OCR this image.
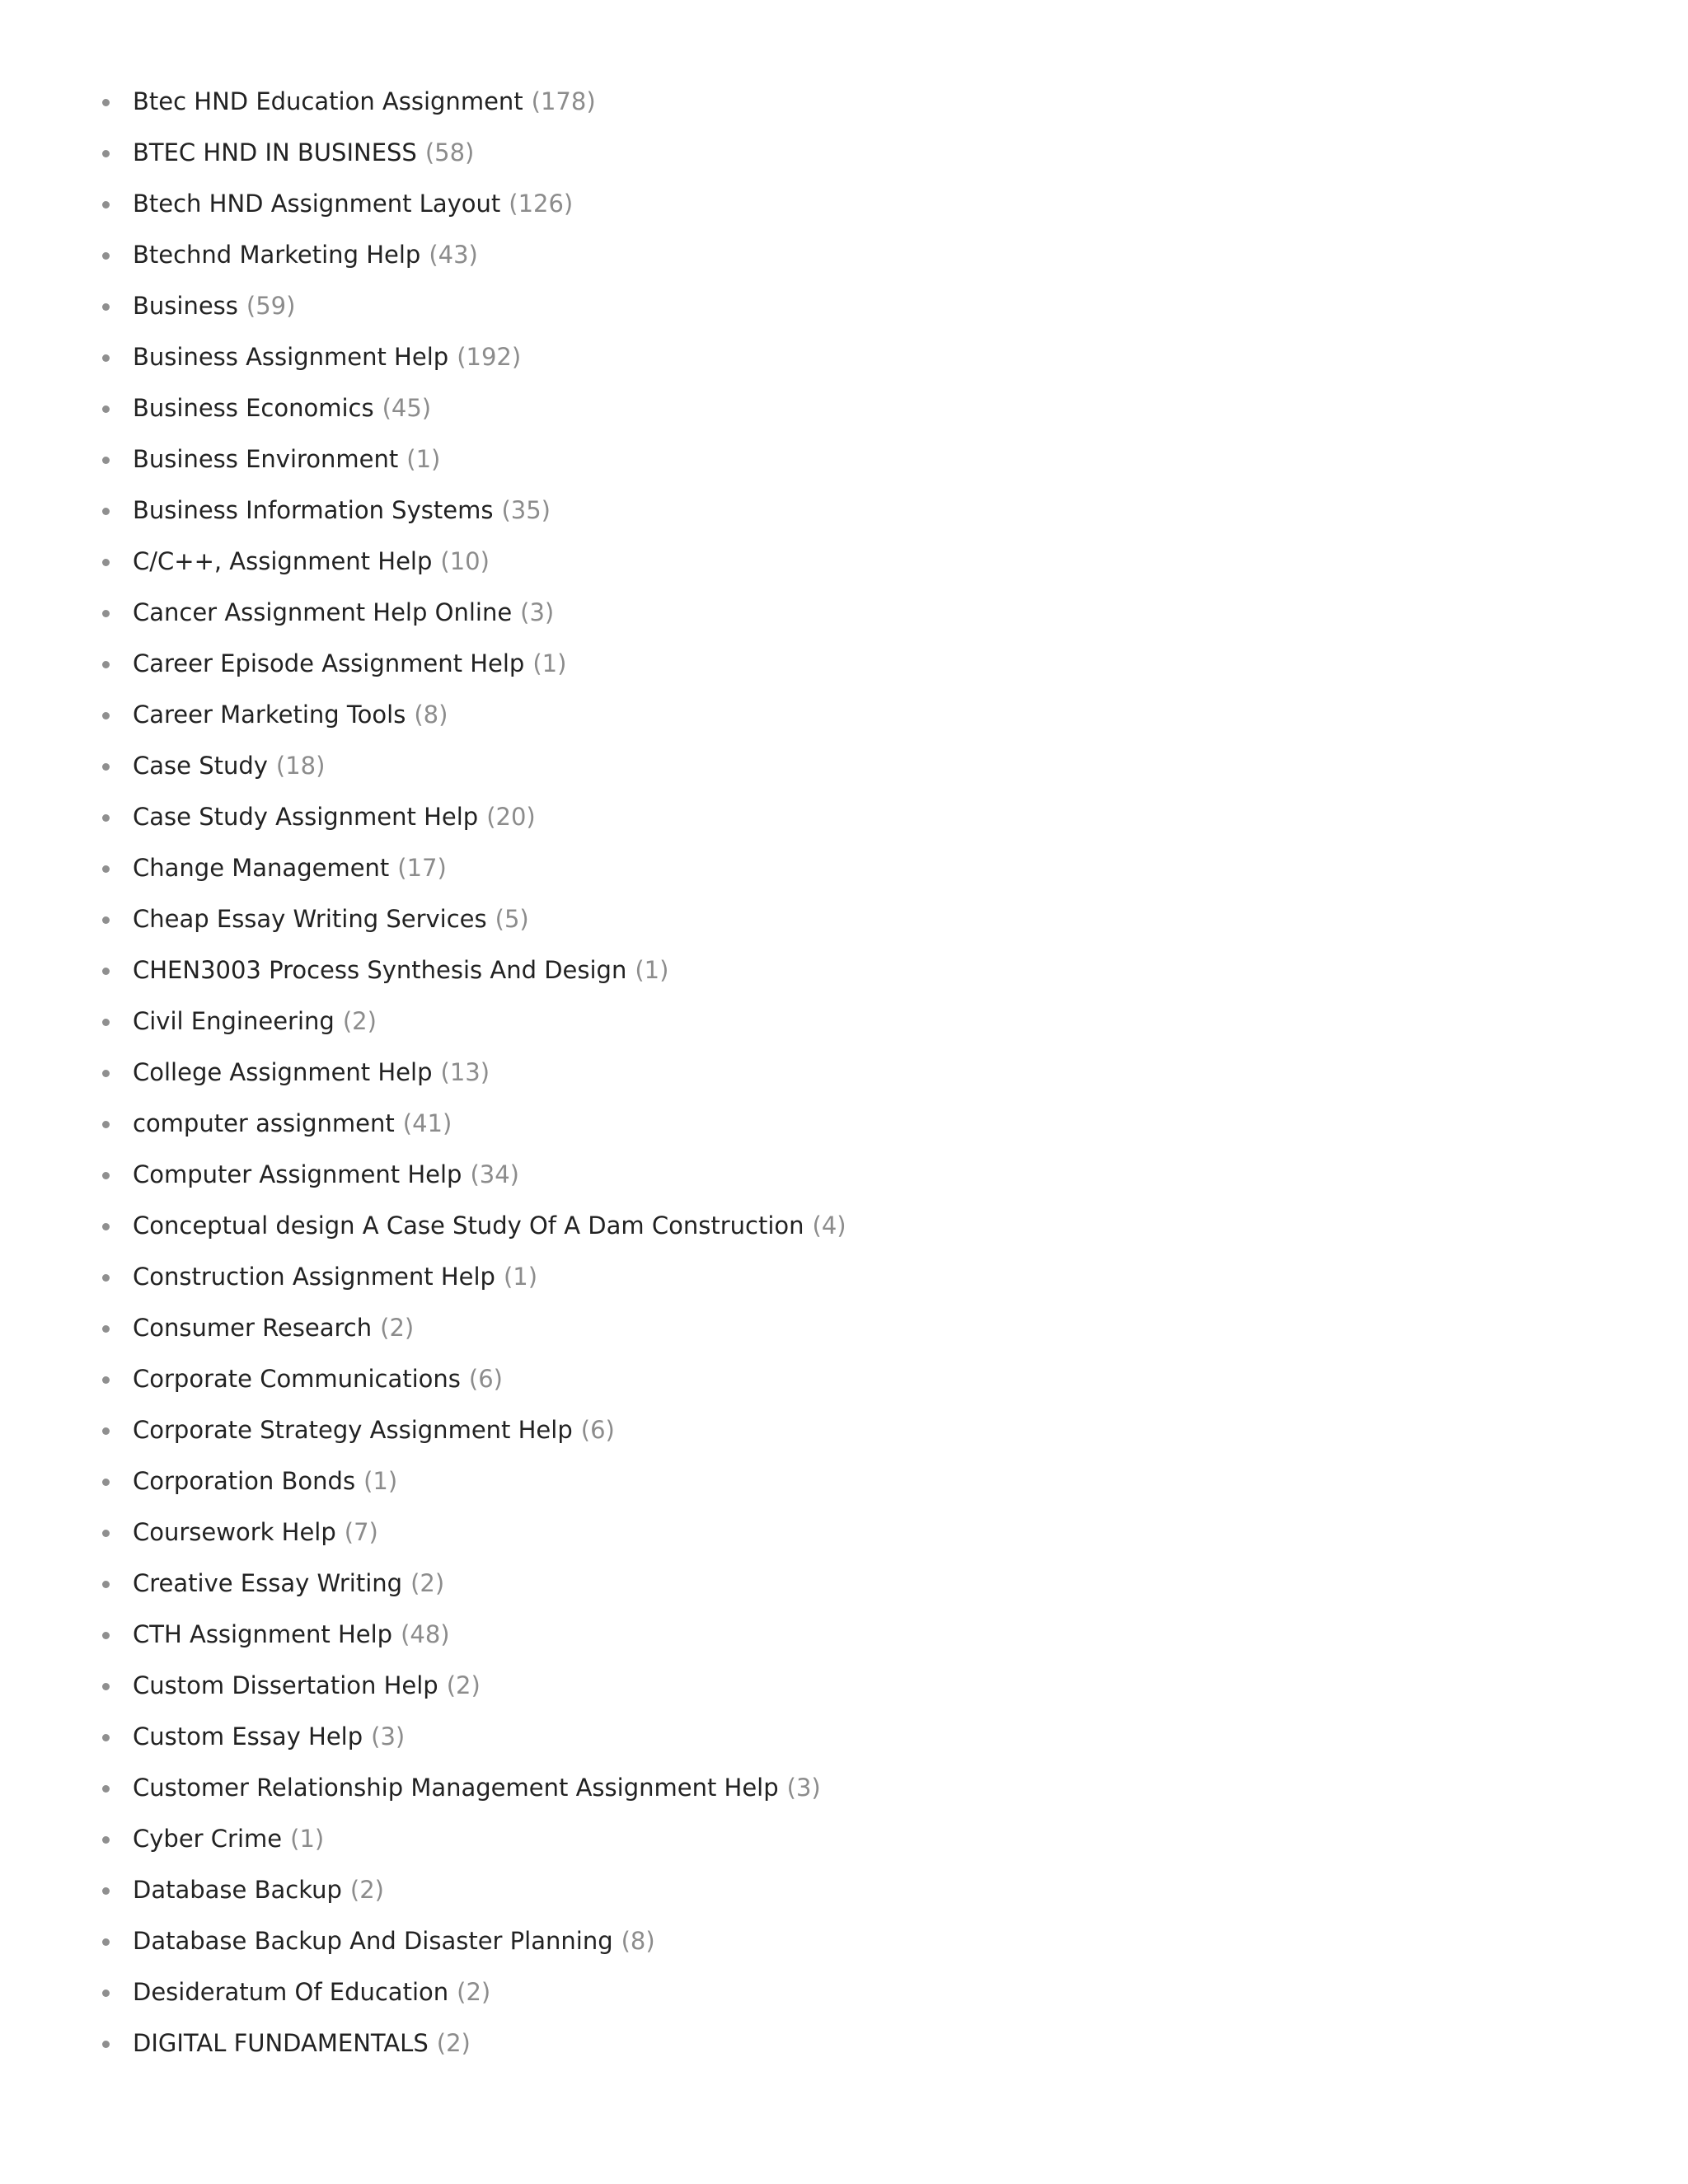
Btec HND Education Assignment (178)
BTEC HND IN BUSINESS (58)
Btech HND Assignment Layout (126)
Btechnd Marketing Help (43)
Business (59)
Business Assignment Help (192)
Business Economics (45)
Business Environment (1)
Business Information Systems (35)
C/C++, Assignment Help (10)
Cancer Assignment Help Online (3)
Career Episode Assignment Help (1)
Career Marketing Tools (8)
Case Study (18)
Case Study Assignment Help (20)
Change Management (17)
Cheap Essay Writing Services (5)
CHEN3003 Process Synthesis And Design (1)
Civil Engineering (2)
College Assignment Help (13)
computer assignment (41)
Computer Assignment Help (34)
Conceptual design A Case Study Of A Dam Construction (4)
Construction Assignment Help (1)
Consumer Research (2)
Corporate Communications (6)
Corporate Strategy Assignment Help (6)
Corporation Bonds (1)
Coursework Help (7)
Creative Essay Writing (2)
CTH Assignment Help (48)
Custom Dissertation Help (2)
Custom Essay Help (3)
Customer Relationship Management Assignment Help (3)
Cyber Crime (1)
Database Backup (2)
Database Backup And Disaster Planning (8)
Desideratum Of Education (2)
DIGITAL FUNDAMENTALS (2)
